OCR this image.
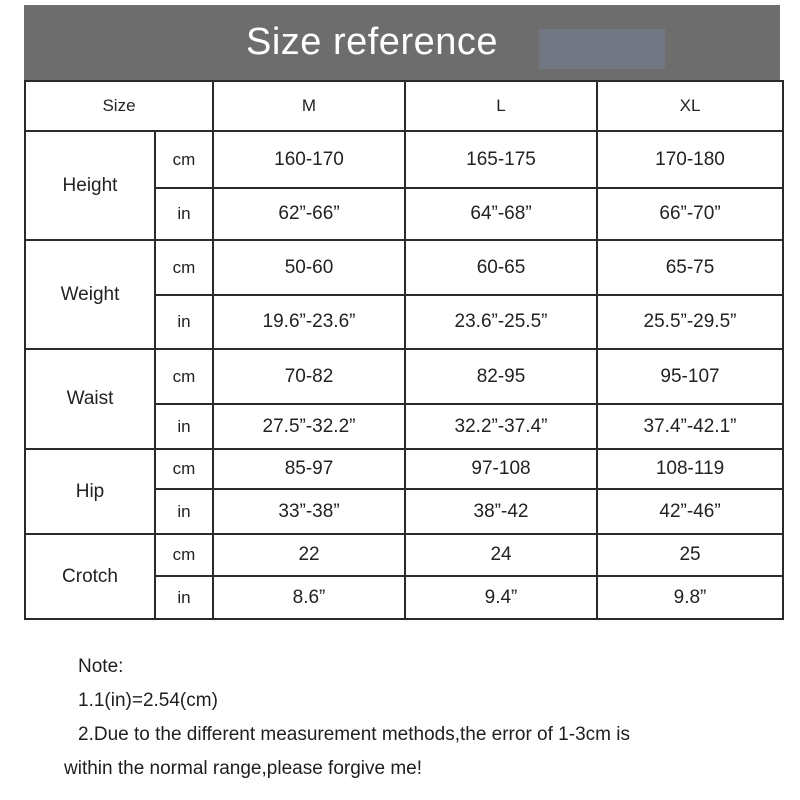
Size reference
Size		M	L	XL
Height	cm	160-170	165-175	170-180
	in	62”-66”	64”-68”	66”-70”
Weight	cm	50-60	60-65	65-75
	in	19.6”-23.6”	23.6”-25.5”	25.5”-29.5”
Waist	cm	70-82	82-95	95-107
	in	27.5”-32.2”	32.2”-37.4”	37.4”-42.1”
Hip	cm	85-97	97-108	108-119
	in	33”-38”	38”-42	42”-46”
Crotch	cm	22	24	25
	in	8.6”	9.4”	9.8”
Note:
1.1(in)=2.54(cm)
2.Due to the different measurement methods,the error of 1-3cm is
within the normal range,please forgive me!
